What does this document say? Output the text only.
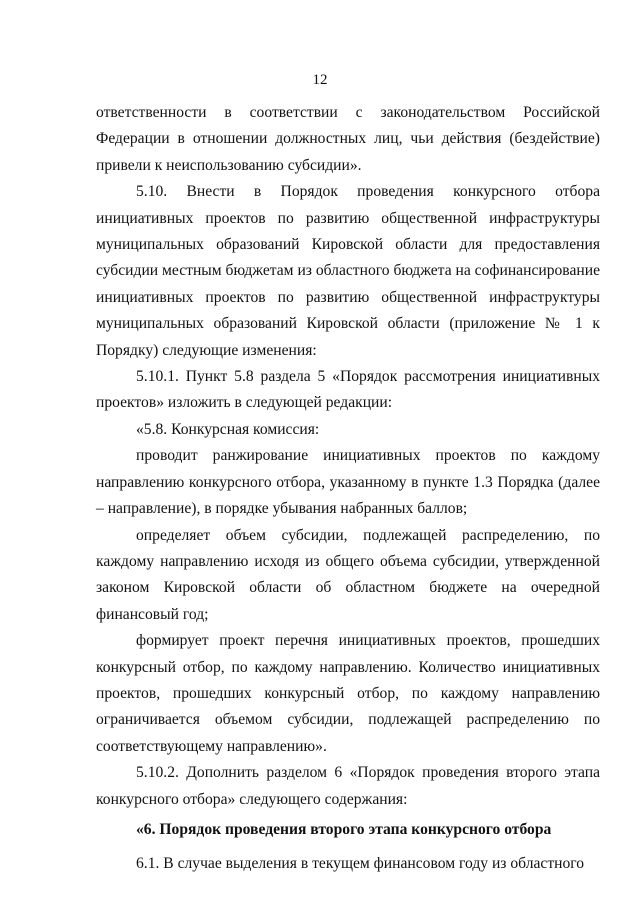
12

ответственности в соответствии с законодательством Российской Федерации в отношении должностных лиц, чьи действия (бездействие) привели к неиспользованию субсидии».

5.10. Внести в Порядок проведения конкурсного отбора инициативных проектов по развитию общественной инфраструктуры муниципальных образований Кировской области для предоставления субсидии местным бюджетам из областного бюджета на софинансирование инициативных проектов по развитию общественной инфраструктуры муниципальных образований Кировской области (приложение № 1 к Порядку) следующие изменения:

5.10.1. Пункт 5.8 раздела 5 «Порядок рассмотрения инициативных проектов» изложить в следующей редакции:

«5.8. Конкурсная комиссия:

проводит ранжирование инициативных проектов по каждому направлению конкурсного отбора, указанному в пункте 1.3 Порядка (далее – направление), в порядке убывания набранных баллов;

определяет объем субсидии, подлежащей распределению, по каждому направлению исходя из общего объема субсидии, утвержденной законом Кировской области об областном бюджете на очередной финансовый год;

формирует проект перечня инициативных проектов, прошедших конкурсный отбор, по каждому направлению. Количество инициативных проектов, прошедших конкурсный отбор, по каждому направлению ограничивается объемом субсидии, подлежащей распределению по соответствующему направлению».

5.10.2. Дополнить разделом 6 «Порядок проведения второго этапа конкурсного отбора» следующего содержания:

«6. Порядок проведения второго этапа конкурсного отбора

6.1. В случае выделения в текущем финансовом году из областного
